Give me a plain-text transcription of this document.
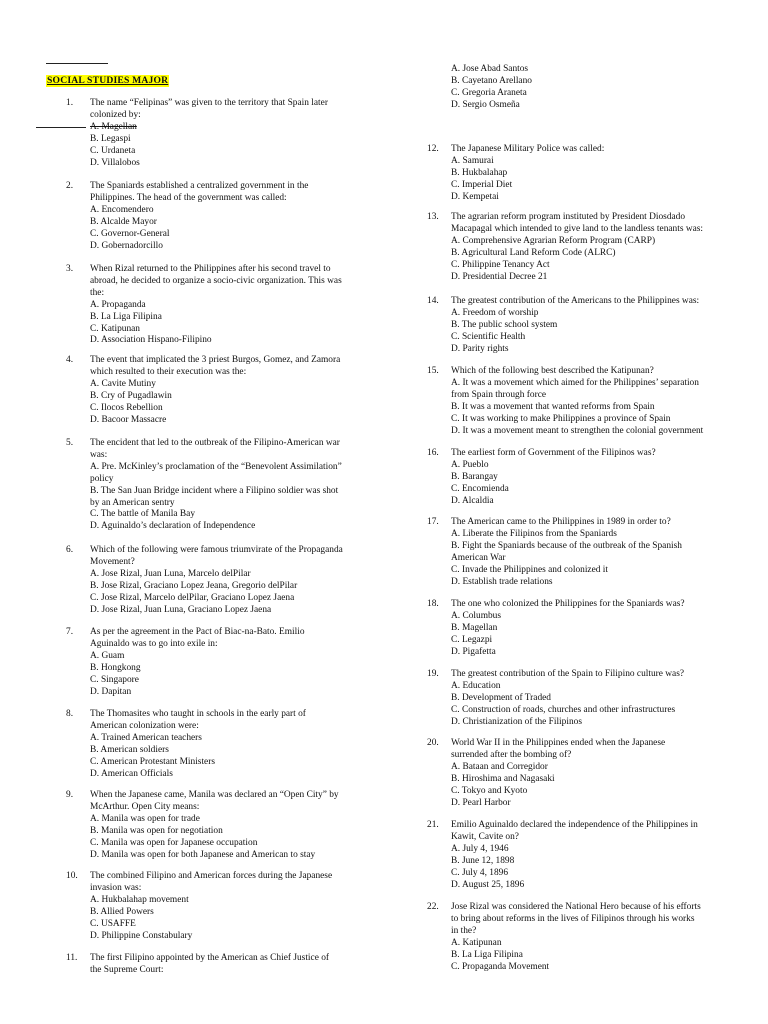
SOCIAL STUDIES MAJOR
1. The name “Felipinas” was given to the territory that Spain later
colonized by:
A. Magellan
B. Legaspi
C. Urdaneta
D. Villalobos
2. The Spaniards established a centralized government in the
Philippines. The head of the government was called:
A. Encomendero
B. Alcalde Mayor
C. Governor-General
D. Gobernadorcillo
3. When Rizal returned to the Philippines after his second travel to
abroad, he decided to organize a socio-civic organization. This was
the:
A. Propaganda
B. La Liga Filipina
C. Katipunan
D. Association Hispano-Filipino
4. The event that implicated the 3 priest Burgos, Gomez, and Zamora
which resulted to their execution was the:
A. Cavite Mutiny
B. Cry of Pugadlawin
C. Ilocos Rebellion
D. Bacoor Massacre
5. The encident that led to the outbreak of the Filipino-American war
was:
A. Pre. McKinley’s proclamation of the “Benevolent Assimilation”
policy
B. The San Juan Bridge incident where a Filipino soldier was shot
by an American sentry
C. The battle of Manila Bay
D. Aguinaldo’s declaration of Independence
6. Which of the following were famous triumvirate of the Propaganda
Movement?
A. Jose Rizal, Juan Luna, Marcelo delPilar
B. Jose Rizal, Graciano Lopez Jeana, Gregorio delPilar
C. Jose Rizal, Marcelo delPilar, Graciano Lopez Jaena
D. Jose Rizal, Juan Luna, Graciano Lopez Jaena
7. As per the agreement in the Pact of Biac-na-Bato. Emilio
Aguinaldo was to go into exile in:
A. Guam
B. Hongkong
C. Singapore
D. Dapitan
8. The Thomasites who taught in schools in the early part of
American colonization were:
A. Trained American teachers
B. American soldiers
C. American Protestant Ministers
D. American Officials
9. When the Japanese came, Manila was declared an “Open City” by
McArthur. Open City means:
A. Manila was open for trade
B. Manila was open for negotiation
C. Manila was open for Japanese occupation
D. Manila was open for both Japanese and American to stay
10. The combined Filipino and American forces during the Japanese
invasion was:
A. Hukbalahap movement
B. Allied Powers
C. USAFFE
D. Philippine Constabulary
11. The first Filipino appointed by the American as Chief Justice of
the Supreme Court:
A. Jose Abad Santos
B. Cayetano Arellano
C. Gregoria Araneta
D. Sergio Osmeña
12. The Japanese Military Police was called:
A. Samurai
B. Hukbalahap
C. Imperial Diet
D. Kempetai
13. The agrarian reform program instituted by President Diosdado
Macapagal which intended to give land to the landless tenants was:
A. Comprehensive Agrarian Reform Program (CARP)
B. Agricultural Land Reform Code (ALRC)
C. Philippine Tenancy Act
D. Presidential Decree 21
14. The greatest contribution of the Americans to the Philippines was:
A. Freedom of worship
B. The public school system
C. Scientific Health
D. Parity rights
15. Which of the following best described the Katipunan?
A. It was a movement which aimed for the Philippines’ separation
from Spain through force
B. It was a movement that wanted reforms from Spain
C. It was working to make Philippines a province of Spain
D. It was a movement meant to strengthen the colonial government
16. The earliest form of Government of the Filipinos was?
A. Pueblo
B. Barangay
C. Encomienda
D. Alcaldia
17. The American came to the Philippines in 1989 in order to?
A. Liberate the Filipinos from the Spaniards
B. Fight the Spaniards because of the outbreak of the Spanish
American War
C. Invade the Philippines and colonized it
D. Establish trade relations
18. The one who colonized the Philippines for the Spaniards was?
A. Columbus
B. Magellan
C. Legazpi
D. Pigafetta
19. The greatest contribution of the Spain to Filipino culture was?
A. Education
B. Development of Traded
C. Construction of roads, churches and other infrastructures
D. Christianization of the Filipinos
20. World War II in the Philippines ended when the Japanese
surrended after the bombing of?
A. Bataan and Corregidor
B. Hiroshima and Nagasaki
C. Tokyo and Kyoto
D. Pearl Harbor
21. Emilio Aguinaldo declared the independence of the Philippines in
Kawit, Cavite on?
A. July 4, 1946
B. June 12, 1898
C. July 4, 1896
D. August 25, 1896
22. Jose Rizal was considered the National Hero because of his efforts
to bring about reforms in the lives of Filipinos through his works
in the?
A. Katipunan
B. La Liga Filipina
C. Propaganda Movement
